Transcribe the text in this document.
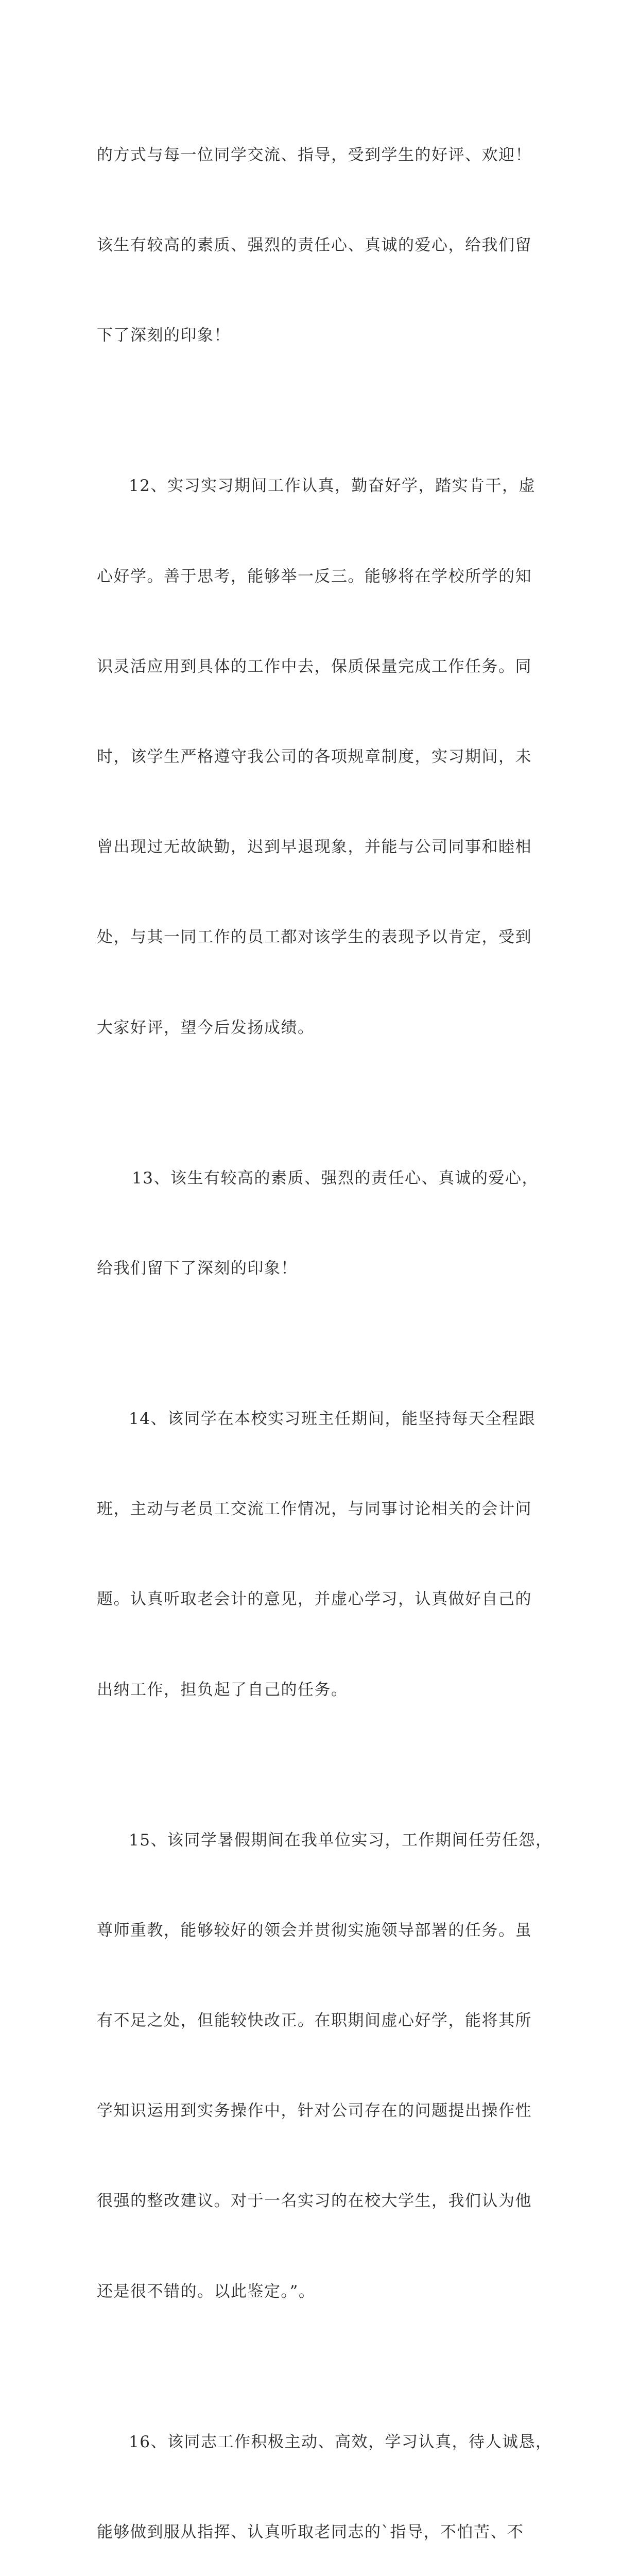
的方式与每一位同学交流、指导，受到学生的好评、欢迎！

该生有较高的素质、强烈的责任心、真诚的爱心，给我们留

下了深刻的印象！

12、实习实习期间工作认真，勤奋好学，踏实肯干，虚

心好学。善于思考，能够举一反三。能够将在学校所学的知

识灵活应用到具体的工作中去，保质保量完成工作任务。同

时，该学生严格遵守我公司的各项规章制度，实习期间，未

曾出现过无故缺勤，迟到早退现象，并能与公司同事和睦相

处，与其一同工作的员工都对该学生的表现予以肯定，受到

大家好评，望今后发扬成绩。

13、该生有较高的素质、强烈的责任心、真诚的爱心，

给我们留下了深刻的印象！

14、该同学在本校实习班主任期间，能坚持每天全程跟

班，主动与老员工交流工作情况，与同事讨论相关的会计问

题。认真听取老会计的意见，并虚心学习，认真做好自己的

出纳工作，担负起了自己的任务。

15、该同学暑假期间在我单位实习，工作期间任劳任怨，

尊师重教，能够较好的领会并贯彻实施领导部署的任务。虽

有不足之处，但能较快改正。在职期间虚心好学，能将其所

学知识运用到实务操作中，针对公司存在的问题提出操作性

很强的整改建议。对于一名实习的在校大学生，我们认为他

还是很不错的。以此鉴定。”。

16、该同志工作积极主动、高效，学习认真，待人诚恳，

能够做到服从指挥、认真听取老同志的`指导，不怕苦、不
